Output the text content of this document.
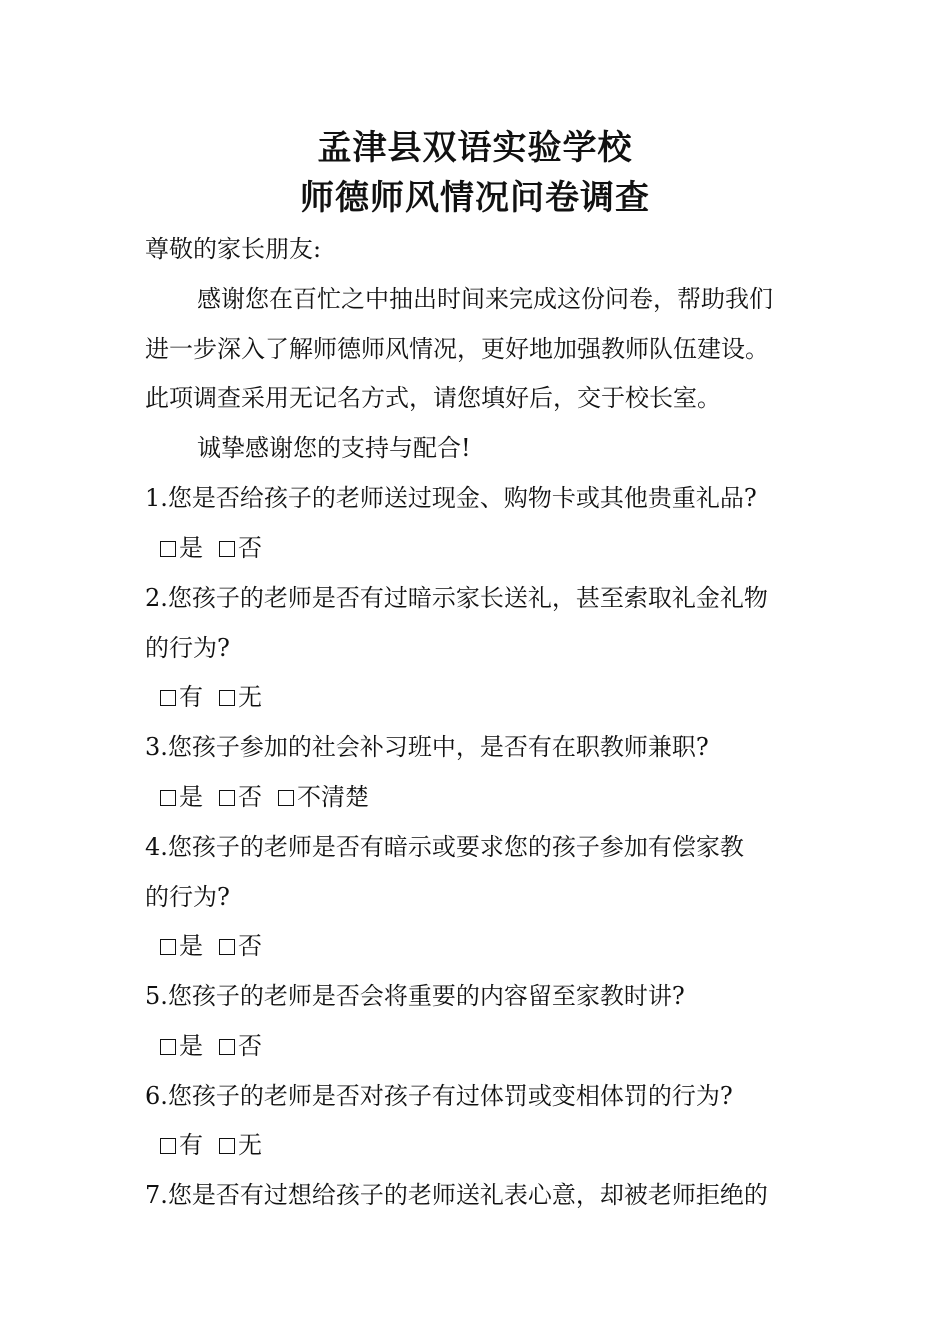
孟津县双语实验学校
师德师风情况问卷调查
尊敬的家长朋友:
感谢您在百忙之中抽出时间来完成这份问卷，帮助我们
进一步深入了解师德师风情况，更好地加强教师队伍建设。
此项调查采用无记名方式，请您填好后，交于校长室。
诚挚感谢您的支持与配合!
1.您是否给孩子的老师送过现金、购物卡或其他贵重礼品?
是 否
2.您孩子的老师是否有过暗示家长送礼，甚至索取礼金礼物
的行为?
有 无
3.您孩子参加的社会补习班中，是否有在职教师兼职?
是 否 不清楚
4.您孩子的老师是否有暗示或要求您的孩子参加有偿家教
的行为?
是 否
5.您孩子的老师是否会将重要的内容留至家教时讲?
是 否
6.您孩子的老师是否对孩子有过体罚或变相体罚的行为?
有 无
7.您是否有过想给孩子的老师送礼表心意，却被老师拒绝的
